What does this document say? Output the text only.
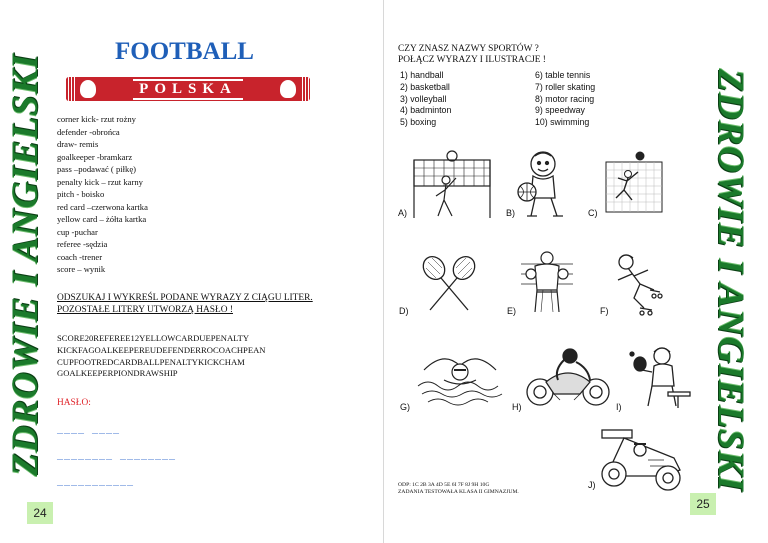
ZDROWIE I ANGIELSKI
FOOTBALL
POLSKA
corner kick- rzut rożny
defender -obrońca
draw- remis
goalkeeper -bramkarz
pass –podawać ( piłkę)
penalty kick – rzut karny
pitch - boisko
red card –czerwona kartka
yellow card – żółta kartka
cup -puchar
referee -sędzia
coach -trener
score – wynik
ODSZUKAJ I WYKREŚL PODANE WYRAZY Z CIĄGU LITER. POZOSTAŁE LITERY UTWORZĄ HASŁO !
SCORE20REFEREE12YELLOWCARDUEPENALTY
KICKFAGOALKEEPEREUDEFENDERROCOACHPEAN
CUPFOOTREDCARDBALLPENALTYKICKCHAM
GOALKEEPERPIONDRAWSHIP
HASŁO:
____ ____
________ ________
___________
24
ZDROWIE I ANGIELSKI
CZY ZNASZ NAZWY SPORTÓW ?
POŁĄCZ WYRAZY I ILUSTRACJE !
1) handball
2) basketball
3) volleyball
4) badminton
5) boxing
6) table tennis
7) roller skating
8) motor racing
9) speedway
10) swimming
A)	B)	C)
D)	E)	F)
G)	H)	I)
J)
ODP: 1C 2B 3A 4D 5E 6I 7F 8J 9H 10G
ZADANIA TESTOWAŁA KLASA II GIMNAZJUM.
25
